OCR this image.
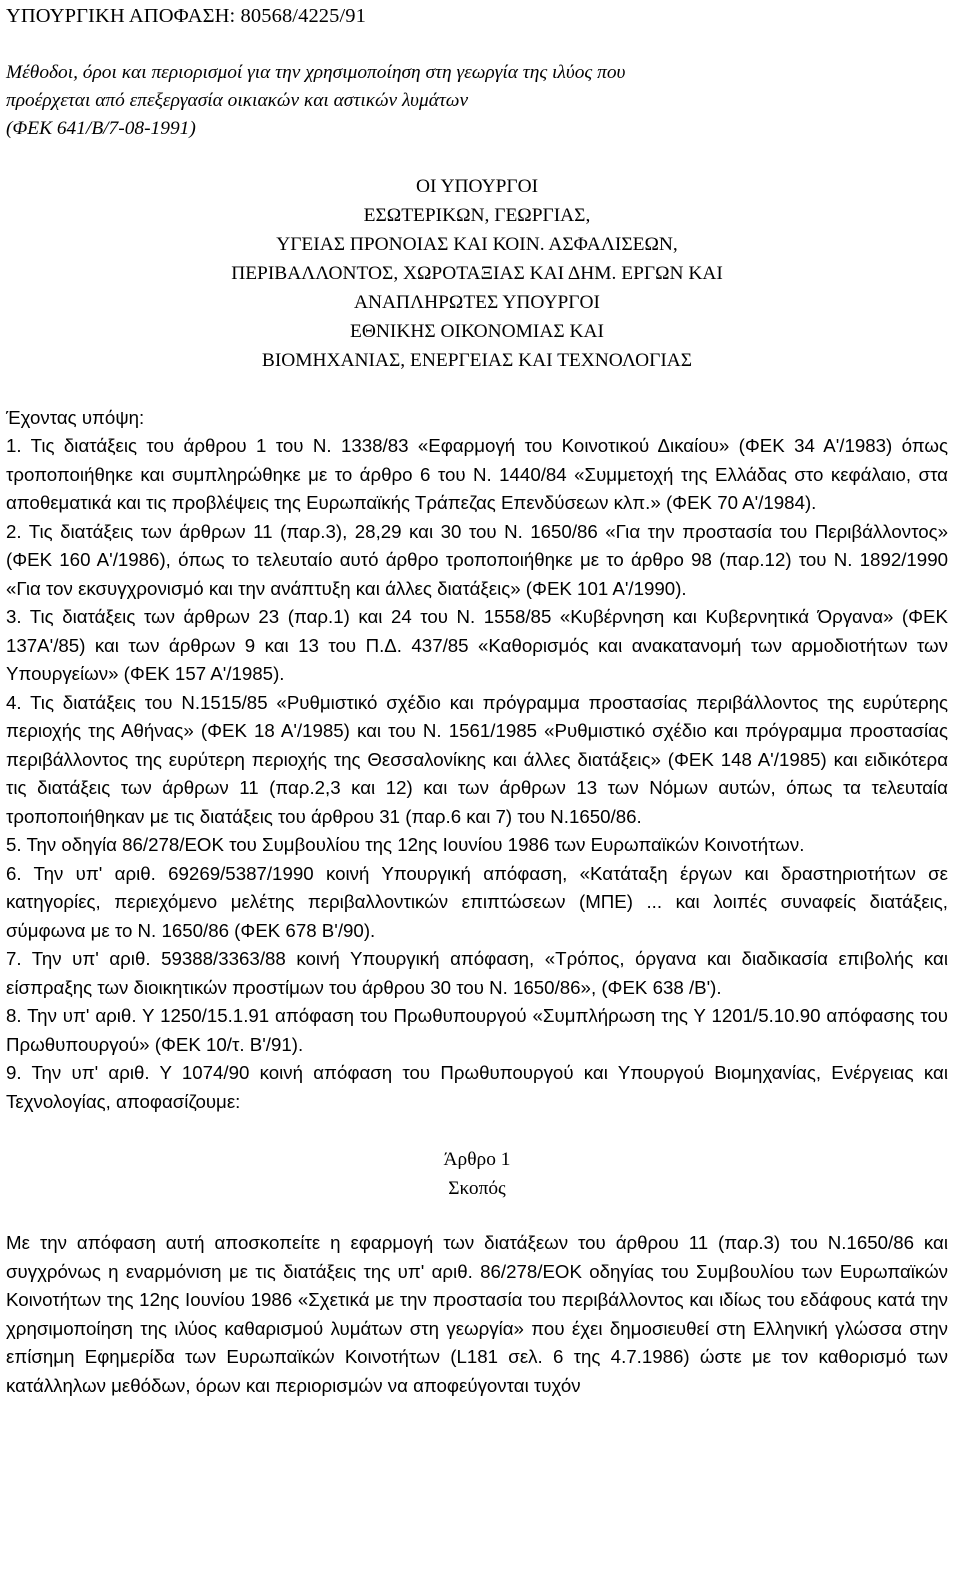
ΥΠΟΥΡΓΙΚΗ ΑΠΟΦΑΣΗ: 80568/4225/91
Μέθοδοι, όροι και περιορισμοί για την χρησιμοποίηση στη γεωργία της ιλύος που
προέρχεται από επεξεργασία οικιακών και αστικών λυμάτων
(ΦΕΚ 641/Β/7-08-1991)
ΟΙ ΥΠΟΥΡΓΟΙ
ΕΣΩΤΕΡΙΚΩΝ, ΓΕΩΡΓΙΑΣ,
ΥΓΕΙΑΣ ΠΡΟΝΟΙΑΣ ΚΑΙ ΚΟΙΝ. ΑΣΦΑΛΙΣΕΩΝ,
ΠΕΡΙΒΑΛΛΟΝΤΟΣ, ΧΩΡΟΤΑΞΙΑΣ ΚΑΙ ΔΗΜ. ΕΡΓΩΝ ΚΑΙ
ΑΝΑΠΛΗΡΩΤΕΣ ΥΠΟΥΡΓΟΙ
ΕΘΝΙΚΗΣ ΟΙΚΟΝΟΜΙΑΣ ΚΑΙ
ΒΙΟΜΗΧΑΝΙΑΣ, ΕΝΕΡΓΕΙΑΣ ΚΑΙ ΤΕΧΝΟΛΟΓΙΑΣ
Έχοντας υπόψη:
1. Τις διατάξεις του άρθρου 1 του Ν. 1338/83 «Εφαρμογή του Κοινοτικού Δικαίου» (ΦΕΚ 34 Α'/1983) όπως τροποποιήθηκε και συμπληρώθηκε με το άρθρο 6 του Ν. 1440/84 «Συμμετοχή της Ελλάδας στο κεφάλαιο, στα αποθεματικά και τις προβλέψεις της Ευρωπαϊκής Τράπεζας Επενδύσεων κλπ.» (ΦΕΚ 70 Α'/1984).
2. Τις διατάξεις των άρθρων 11 (παρ.3), 28,29 και 30 του Ν. 1650/86 «Για την προστασία του Περιβάλλοντος» (ΦΕΚ 160 Α'/1986), όπως το τελευταίο αυτό άρθρο τροποποιήθηκε με το άρθρο 98 (παρ.12) του Ν. 1892/1990 «Για τον εκσυγχρονισμό και την ανάπτυξη και άλλες διατάξεις» (ΦΕΚ 101 Α'/1990).
3. Τις διατάξεις των άρθρων 23 (παρ.1) και 24 του Ν. 1558/85 «Κυβέρνηση και Κυβερνητικά Όργανα» (ΦΕΚ 137Α'/85) και των άρθρων 9 και 13 του Π.Δ. 437/85 «Καθορισμός και ανακατανομή των αρμοδιοτήτων των Υπουργείων» (ΦΕΚ 157 Α'/1985).
4. Τις διατάξεις του Ν.1515/85 «Ρυθμιστικό σχέδιο και πρόγραμμα προστασίας περιβάλλοντος της ευρύτερης περιοχής της Αθήνας» (ΦΕΚ 18 Α'/1985) και του Ν. 1561/1985 «Ρυθμιστικό σχέδιο και πρόγραμμα προστασίας περιβάλλοντος της ευρύτερη περιοχής της Θεσσαλονίκης και άλλες διατάξεις» (ΦΕΚ 148 Α'/1985) και ειδικότερα τις διατάξεις των άρθρων 11 (παρ.2,3 και 12) και των άρθρων 13 των Νόμων αυτών, όπως τα τελευταία τροποποιήθηκαν με τις διατάξεις του άρθρου 31 (παρ.6 και 7) του Ν.1650/86.
5. Την οδηγία 86/278/ΕΟΚ του Συμβουλίου της 12ης Ιουνίου 1986 των Ευρωπαϊκών Κοινοτήτων.
6. Την υπ' αριθ. 69269/5387/1990 κοινή Υπουργική απόφαση, «Κατάταξη έργων και δραστηριοτήτων σε κατηγορίες, περιεχόμενο μελέτης περιβαλλοντικών επιπτώσεων (ΜΠΕ) ... και λοιπές συναφείς διατάξεις, σύμφωνα με το Ν. 1650/86 (ΦΕΚ 678 Β'/90).
7. Την υπ' αριθ. 59388/3363/88 κοινή Υπουργική απόφαση, «Τρόπος, όργανα και διαδικασία επιβολής και είσπραξης των διοικητικών προστίμων του άρθρου 30 του Ν. 1650/86», (ΦΕΚ 638 /Β').
8. Την υπ' αριθ. Υ 1250/15.1.91 απόφαση του Πρωθυπουργού «Συμπλήρωση της Υ 1201/5.10.90 απόφασης του Πρωθυπουργού» (ΦΕΚ 10/τ. Β'/91).
9. Την υπ' αριθ. Υ 1074/90 κοινή απόφαση του Πρωθυπουργού και Υπουργού Βιομηχανίας, Ενέργειας και Τεχνολογίας, αποφασίζουμε:
Άρθρο 1
Σκοπός
Με την απόφαση αυτή αποσκοπείτε η εφαρμογή των διατάξεων του άρθρου 11 (παρ.3) του Ν.1650/86 και συγχρόνως η εναρμόνιση με τις διατάξεις της υπ' αριθ. 86/278/ΕΟΚ οδηγίας του Συμβουλίου των Ευρωπαϊκών Κοινοτήτων της 12ης Ιουνίου 1986 «Σχετικά με την προστασία του περιβάλλοντος και ιδίως του εδάφους κατά την χρησιμοποίηση της ιλύος καθαρισμού λυμάτων στη γεωργία» που έχει δημοσιευθεί στη Ελληνική γλώσσα στην επίσημη Εφημερίδα των Ευρωπαϊκών Κοινοτήτων (L181 σελ. 6 της 4.7.1986) ώστε με τον καθορισμό των κατάλληλων μεθόδων, όρων και περιορισμών να αποφεύγονται τυχόν
